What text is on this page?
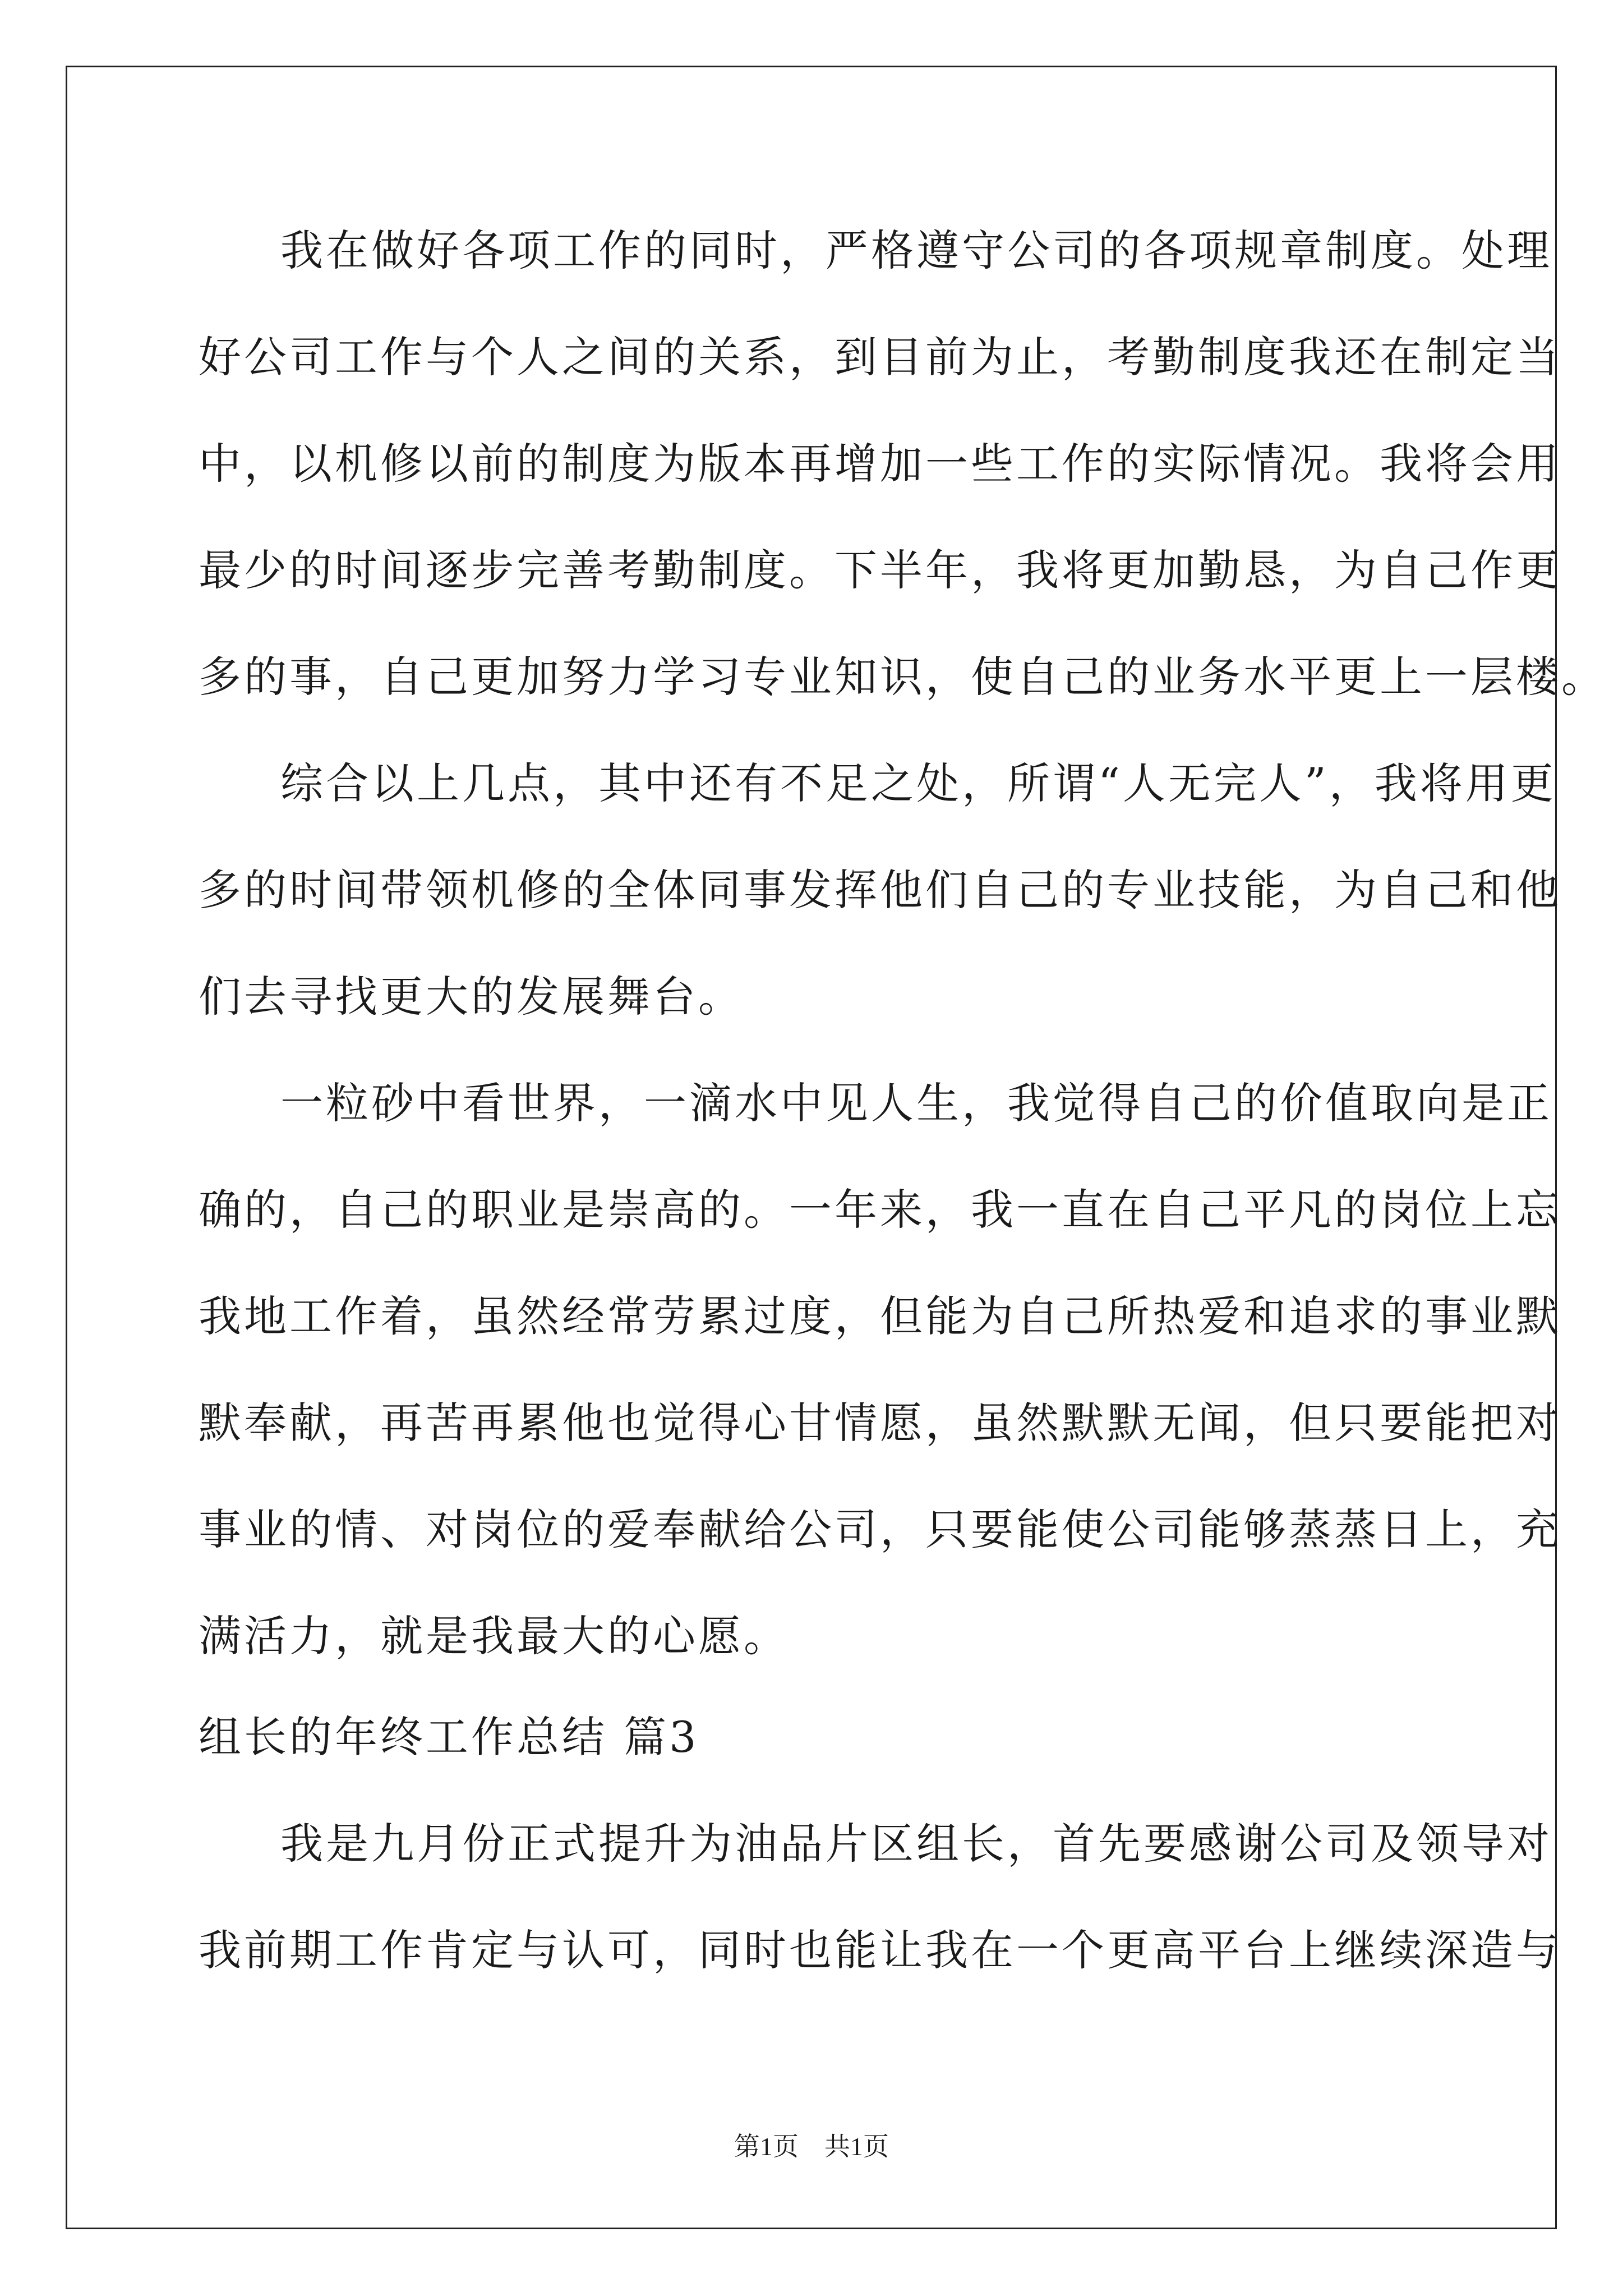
我在做好各项工作的同时，严格遵守公司的各项规章制度。处理
好公司工作与个人之间的关系，到目前为止，考勤制度我还在制定当
中，以机修以前的制度为版本再增加一些工作的实际情况。我将会用
最少的时间逐步完善考勤制度。下半年，我将更加勤恳，为自己作更
多的事，自己更加努力学习专业知识，使自己的业务水平更上一层楼。
综合以上几点，其中还有不足之处，所谓“人无完人”，我将用更
多的时间带领机修的全体同事发挥他们自己的专业技能，为自己和他
们去寻找更大的发展舞台。
一粒砂中看世界，一滴水中见人生，我觉得自己的价值取向是正
确的，自己的职业是崇高的。一年来，我一直在自己平凡的岗位上忘
我地工作着，虽然经常劳累过度，但能为自己所热爱和追求的事业默
默奉献，再苦再累他也觉得心甘情愿，虽然默默无闻，但只要能把对
事业的情、对岗位的爱奉献给公司，只要能使公司能够蒸蒸日上，充
满活力，就是我最大的心愿。
组长的年终工作总结 篇3
我是九月份正式提升为油品片区组长，首先要感谢公司及领导对
我前期工作肯定与认可，同时也能让我在一个更高平台上继续深造与
第1页　共1页
